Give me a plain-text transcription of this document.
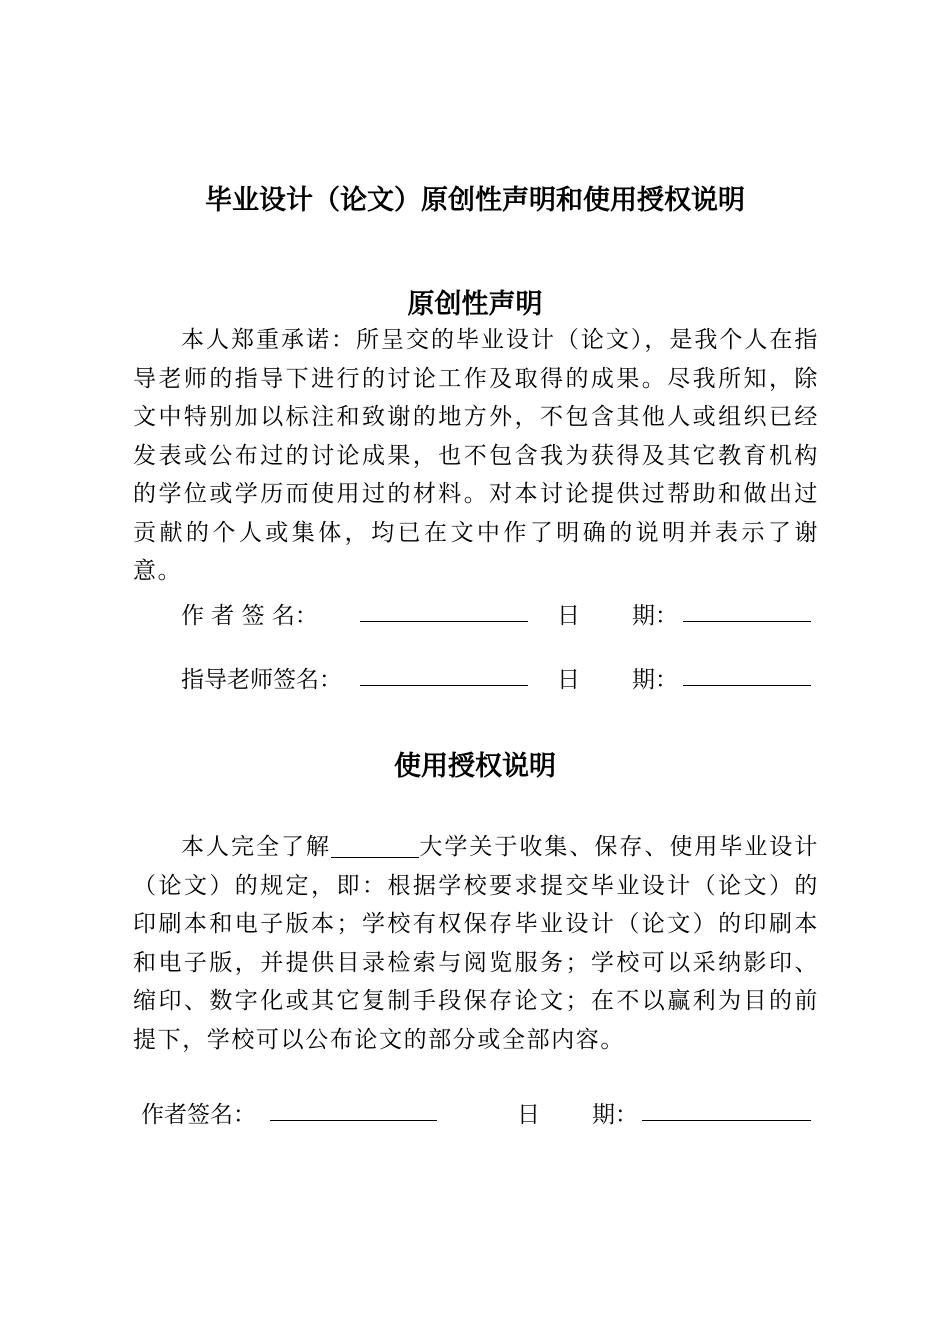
毕业设计（论文）原创性声明和使用授权说明
原创性声明
本人郑重承诺：所呈交的毕业设计（论文），是我个人在指导老师的指导下进行的讨论工作及取得的成果。尽我所知，除文中特别加以标注和致谢的地方外，不包含其他人或组织已经发表或公布过的讨论成果，也不包含我为获得及其它教育机构的学位或学历而使用过的材料。对本讨论提供过帮助和做出过贡献的个人或集体，均已在文中作了明确的说明并表示了谢意。
作 者 签 名：	日 期：
指导老师签名：	日 期：
使用授权说明
本人完全了解	大学关于收集、保存、使用毕业设计（论文）的规定，即：根据学校要求提交毕业设计（论文）的印刷本和电子版本；学校有权保存毕业设计（论文）的印刷本和电子版，并提供目录检索与阅览服务；学校可以采纳影印、缩印、数字化或其它复制手段保存论文；在不以赢利为目的前提下，学校可以公布论文的部分或全部内容。
作者签名：	日 期：
